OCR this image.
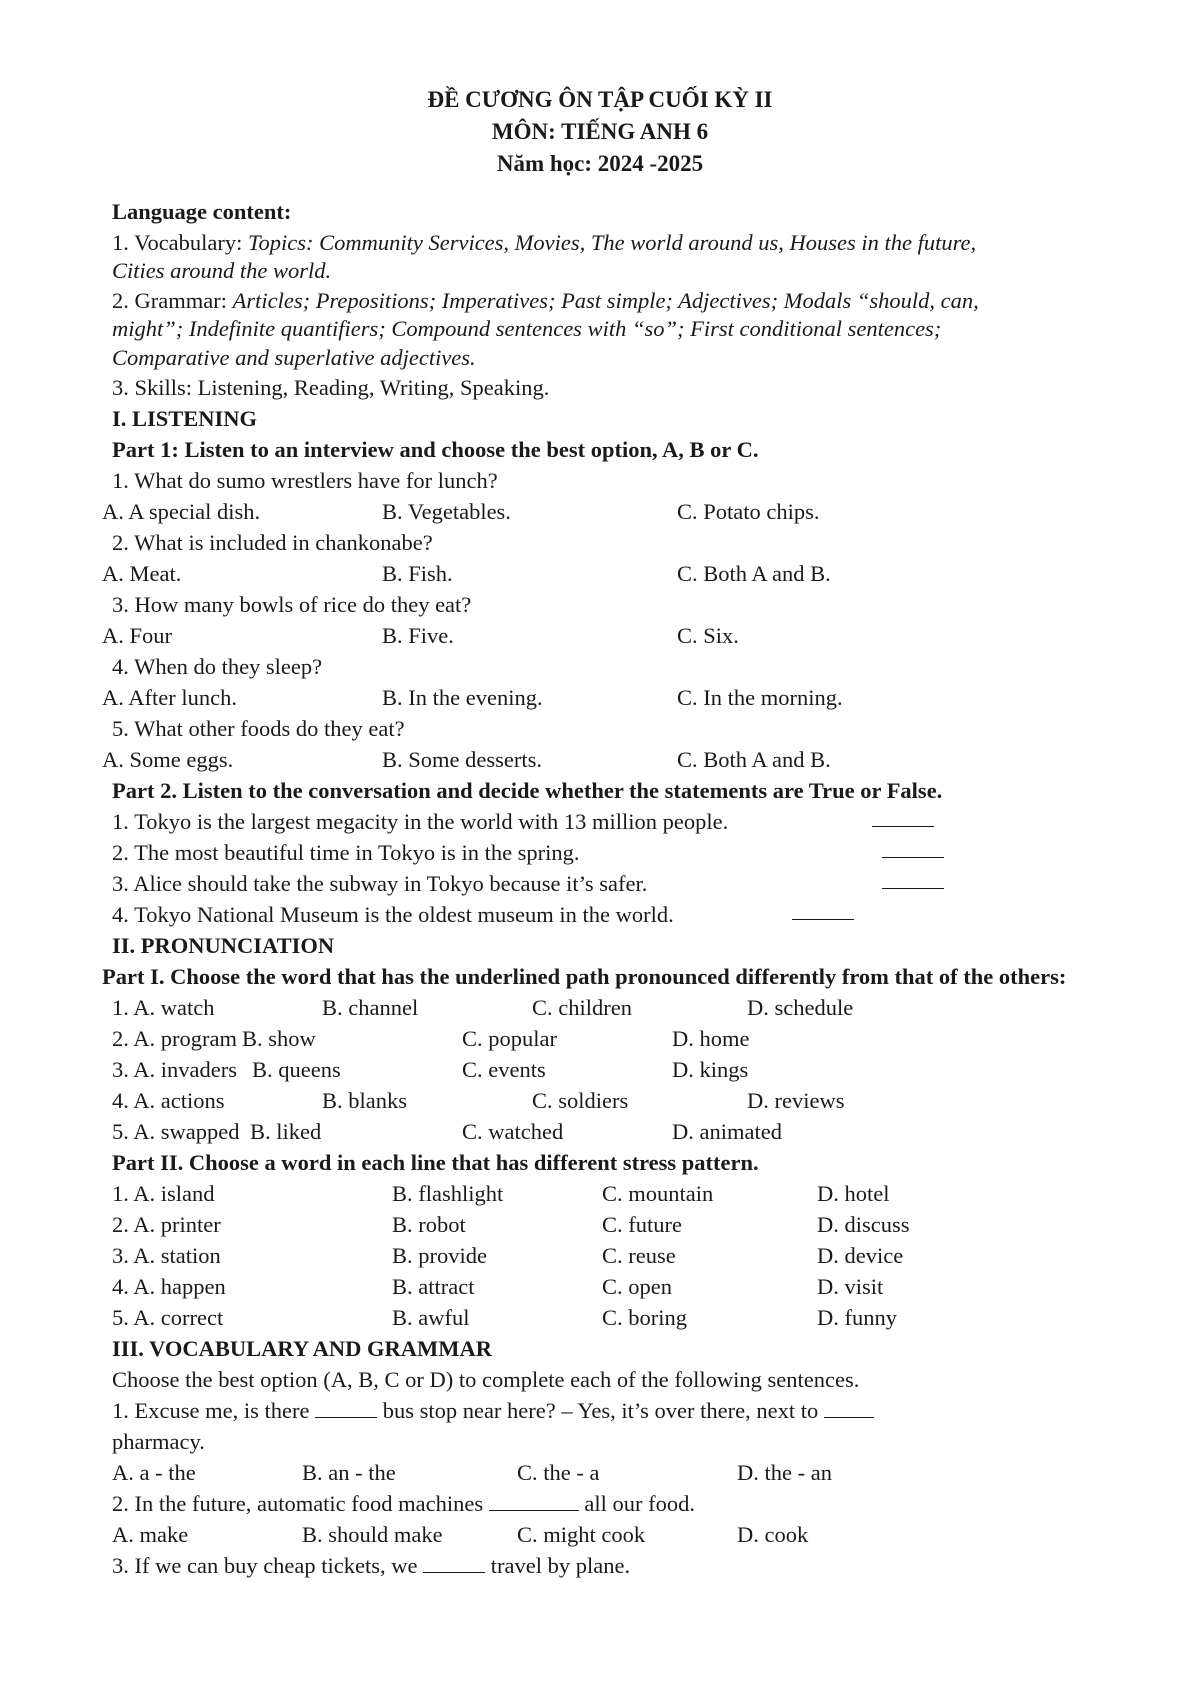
ĐỀ CƯƠNG ÔN TẬP CUỐI KỲ II
MÔN: TIẾNG ANH 6
Năm học: 2024 -2025
Language content:
1. Vocabulary: Topics: Community Services, Movies, The world around us, Houses in the future, Cities around the world.
2. Grammar: Articles; Prepositions; Imperatives; Past simple; Adjectives; Modals “should, can, might”; Indefinite quantifiers; Compound sentences with “so”; First conditional sentences; Comparative and superlative adjectives.
3. Skills: Listening, Reading, Writing, Speaking.
I. LISTENING
Part 1: Listen to an interview and choose the best option, A, B or C.
1. What do sumo wrestlers have for lunch?
A. A special dish.	B. Vegetables.	C. Potato chips.
2. What is included in chankonabe?
A. Meat.	B. Fish.	C. Both A and B.
3. How many bowls of rice do they eat?
A. Four	B. Five.	C. Six.
4. When do they sleep?
A. After lunch.	B. In the evening.	C. In the morning.
5. What other foods do they eat?
A. Some eggs.	B. Some desserts.	C. Both A and B.
Part 2. Listen to the conversation and decide whether the statements are True or False.
1. Tokyo is the largest megacity in the world with 13 million people.
2. The most beautiful time in Tokyo is in the spring.
3. Alice should take the subway in Tokyo because it’s safer.
4. Tokyo National Museum is the oldest museum in the world.
II. PRONUNCIATION
Part I. Choose the word that has the underlined path pronounced differently from that of the others:
1. A. watch	B. channel	C. children	D. schedule
2. A. program B. show	C. popular	D. home
3. A. invaders B. queens	C. events	D. kings
4. A. actions	B. blanks	C. soldiers	D. reviews
5. A. swapped B. liked	C. watched	D. animated
Part II. Choose a word in each line that has different stress pattern.
1. A. island	B. flashlight	C. mountain	D. hotel
2. A. printer	B. robot	C. future	D. discuss
3. A. station	B. provide	C. reuse	D. device
4. A. happen	B. attract	C. open	D. visit
5. A. correct	B. awful	C. boring	D. funny
III. VOCABULARY AND GRAMMAR
Choose the best option (A, B, C or D) to complete each of the following sentences.
1. Excuse me, is there	bus stop near here? – Yes, it’s over there, next to
pharmacy.
A. a - the	B. an - the	C. the - a	D. the - an
2. In the future, automatic food machines	all our food.
A. make	B. should make	C. might cook	D. cook
3. If we can buy cheap tickets, we	travel by plane.
